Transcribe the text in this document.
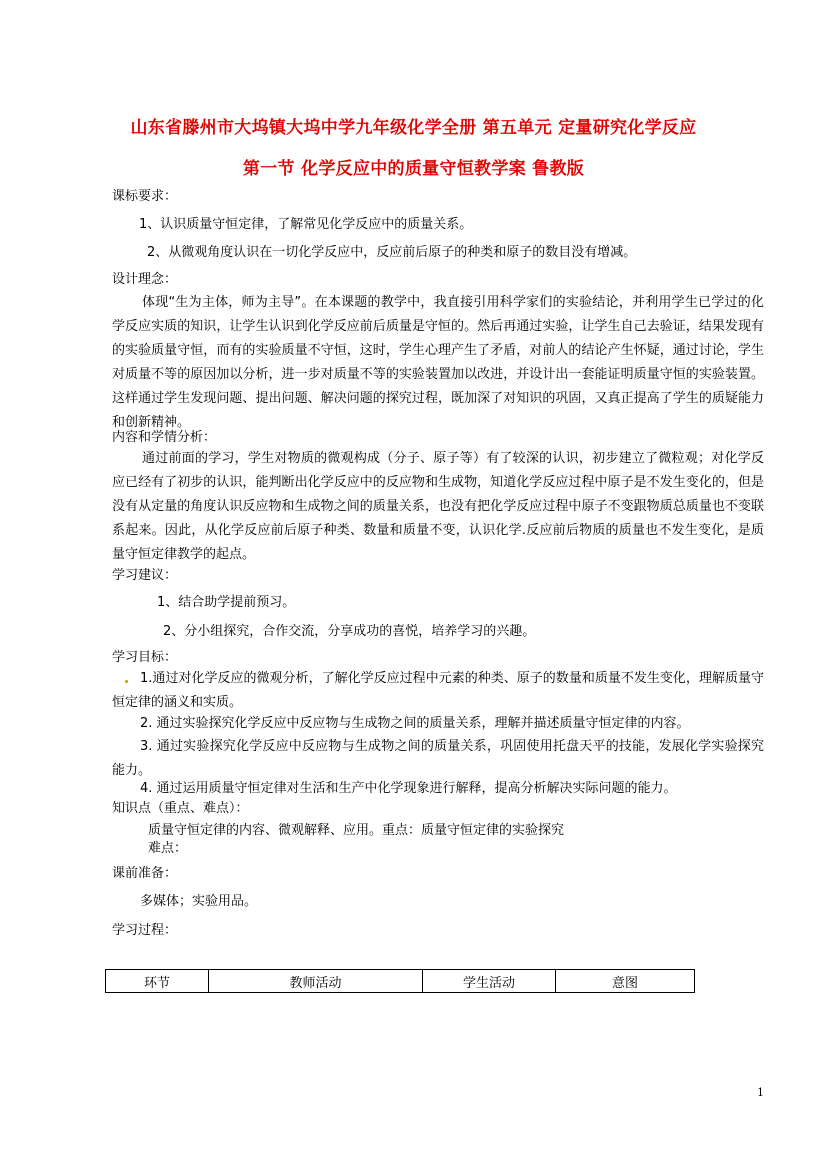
山东省滕州市大坞镇大坞中学九年级化学全册 第五单元 定量研究化学反应
第一节 化学反应中的质量守恒教学案 鲁教版
课标要求：
1、认识质量守恒定律，了解常见化学反应中的质量关系。
2、从微观角度认识在一切化学反应中，反应前后原子的种类和原子的数目没有增减。
设计理念：
体现“生为主体，师为主导”。在本课题的教学中，我直接引用科学家们的实验结论，并利用学生已学过的化学反应实质的知识，让学生认识到化学反应前后质量是守恒的。然后再通过实验，让学生自己去验证，结果发现有的实验质量守恒，而有的实验质量不守恒，这时，学生心理产生了矛盾，对前人的结论产生怀疑，通过讨论，学生对质量不等的原因加以分析，进一步对质量不等的实验装置加以改进，并设计出一套能证明质量守恒的实验装置。这样通过学生发现问题、提出问题、解决问题的探究过程，既加深了对知识的巩固，又真正提高了学生的质疑能力和创新精神。
内容和学情分析：
通过前面的学习，学生对物质的微观构成（分子、原子等）有了较深的认识，初步建立了微粒观；对化学反应已经有了初步的认识，能判断出化学反应中的反应物和生成物，知道化学反应过程中原子是不发生变化的，但是没有从定量的角度认识反应物和生成物之间的质量关系，也没有把化学反应过程中原子不变跟物质总质量也不变联系起来。因此，从化学反应前后原子种类、数量和质量不变，认识化学.反应前后物质的质量也不发生变化，是质量守恒定律教学的起点。
学习建议：
1、结合助学提前预习。
2、分小组探究，合作交流，分享成功的喜悦，培养学习的兴趣。
学习目标：
1.通过对化学反应的微观分析，了解化学反应过程中元素的种类、原子的数量和质量不发生变化，理解质量守恒定律的涵义和实质。
2. 通过实验探究化学反应中反应物与生成物之间的质量关系，理解并描述质量守恒定律的内容。
3. 通过实验探究化学反应中反应物与生成物之间的质量关系，巩固使用托盘天平的技能，发展化学实验探究能力。
4. 通过运用质量守恒定律对生活和生产中化学现象进行解释，提高分析解决实际问题的能力。
知识点（重点、难点）：
质量守恒定律的内容、微观解释、应用。重点：质量守恒定律的实验探究
难点：
课前准备：
多媒体；实验用品。
学习过程：
环节	教师活动	学生活动	意图
1
